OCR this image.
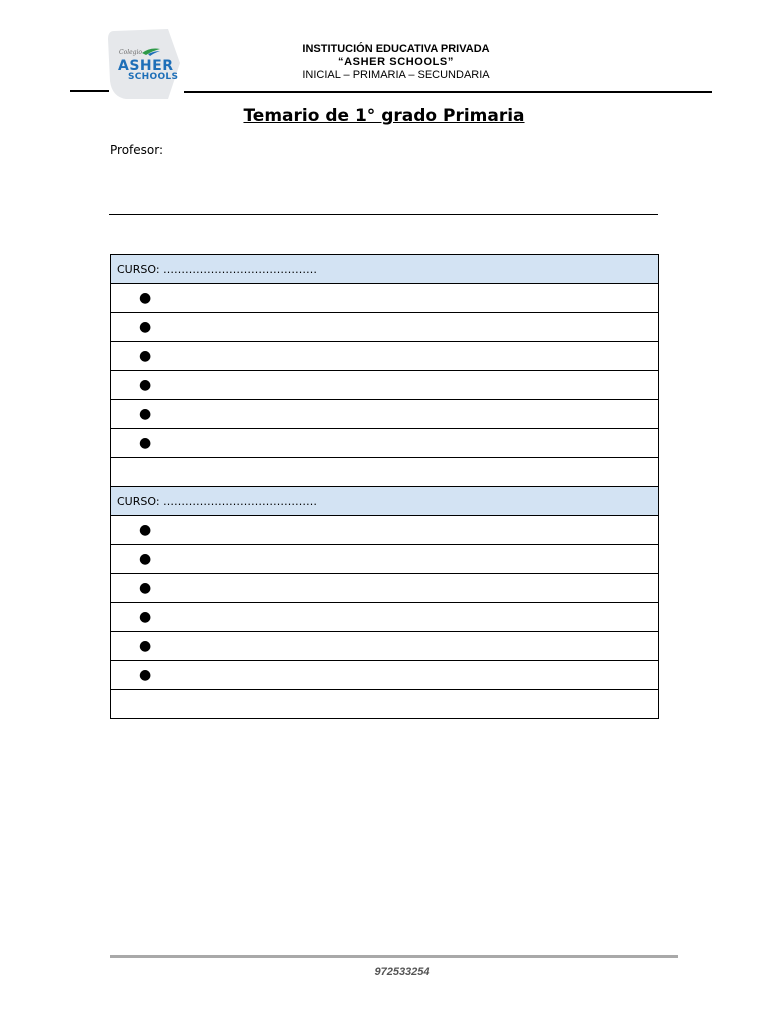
Colegio
ASHER
SCHOOLS
INSTITUCIÓN EDUCATIVA PRIVADA
“ASHER SCHOOLS”
INICIAL – PRIMARIA – SECUNDARIA
Temario de 1° grado Primaria
Profesor:
CURSO: ……………………………………
●
●
●
●
●
●

CURSO: ……………………………………
●
●
●
●
●
●

972533254
